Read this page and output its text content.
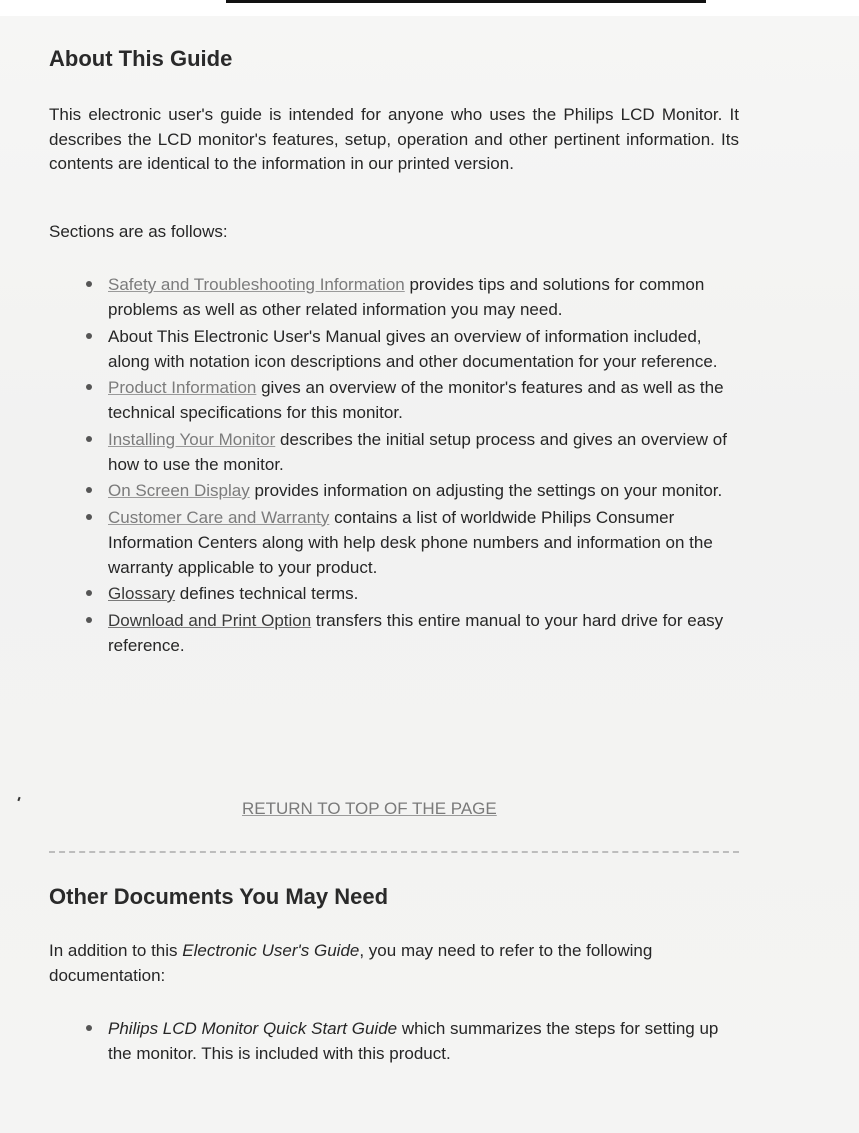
About This Guide

This electronic user's guide is intended for anyone who uses the Philips LCD Monitor. It describes the LCD monitor's features, setup, operation and other pertinent information. Its contents are identical to the information in our printed version.

Sections are as follows:

Safety and Troubleshooting Information provides tips and solutions for common problems as well as other related information you may need.
About This Electronic User's Manual gives an overview of information included, along with notation icon descriptions and other documentation for your reference.
Product Information gives an overview of the monitor's features and as well as the technical specifications for this monitor.
Installing Your Monitor describes the initial setup process and gives an overview of how to use the monitor.
On Screen Display provides information on adjusting the settings on your monitor.
Customer Care and Warranty contains a list of worldwide Philips Consumer Information Centers along with help desk phone numbers and information on the warranty applicable to your product.
Glossary defines technical terms.
Download and Print Option transfers this entire manual to your hard drive for easy reference.
RETURN TO TOP OF THE PAGE
Other Documents You May Need

In addition to this Electronic User's Guide, you may need to refer to the following documentation:

Philips LCD Monitor Quick Start Guide which summarizes the steps for setting up the monitor. This is included with this product.
